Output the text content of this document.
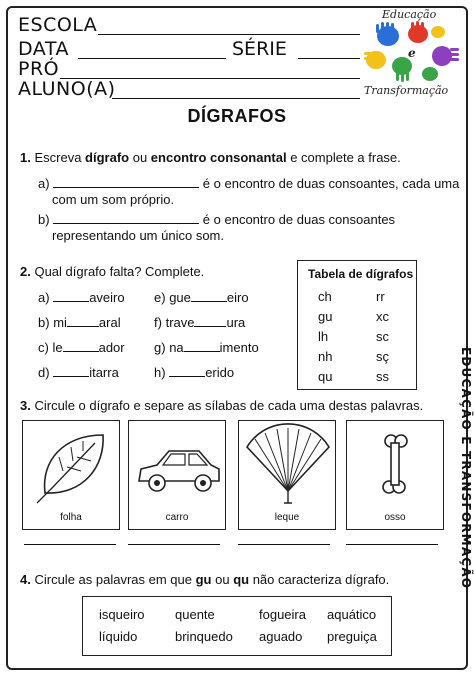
ESCOLA
DATA	SÉRIE
PRÓ
ALUNO(A)
Educação
e
Transformação
DÍGRAFOS
1. Escreva dígrafo ou encontro consonantal e complete a frase.
a)	é o encontro de duas consoantes, cada uma
com um som próprio.
b)	é o encontro de duas consoantes
representando um único som.
2. Qual dígrafo falta? Complete.
a)	aveiro
b) mi aral
c) le	ador
d)	itarra
e) gue	eiro
f) trave ura
g) na	imento
h)	erido
Tabela de dígrafos
ch	rr
gu	xc
lh	sc
nh	sç
qu	ss	EDUCAÇÃO E TRANSFORMAÇÃO
3. Circule o dígrafo e separe as sílabas de cada uma destas palavras.
folha	carro	leque	osso
4. Circule as palavras em que gu ou qu não caracteriza dígrafo.
isqueiro quente	fogueira aquático
líquido	brinquedo aguado preguiça
